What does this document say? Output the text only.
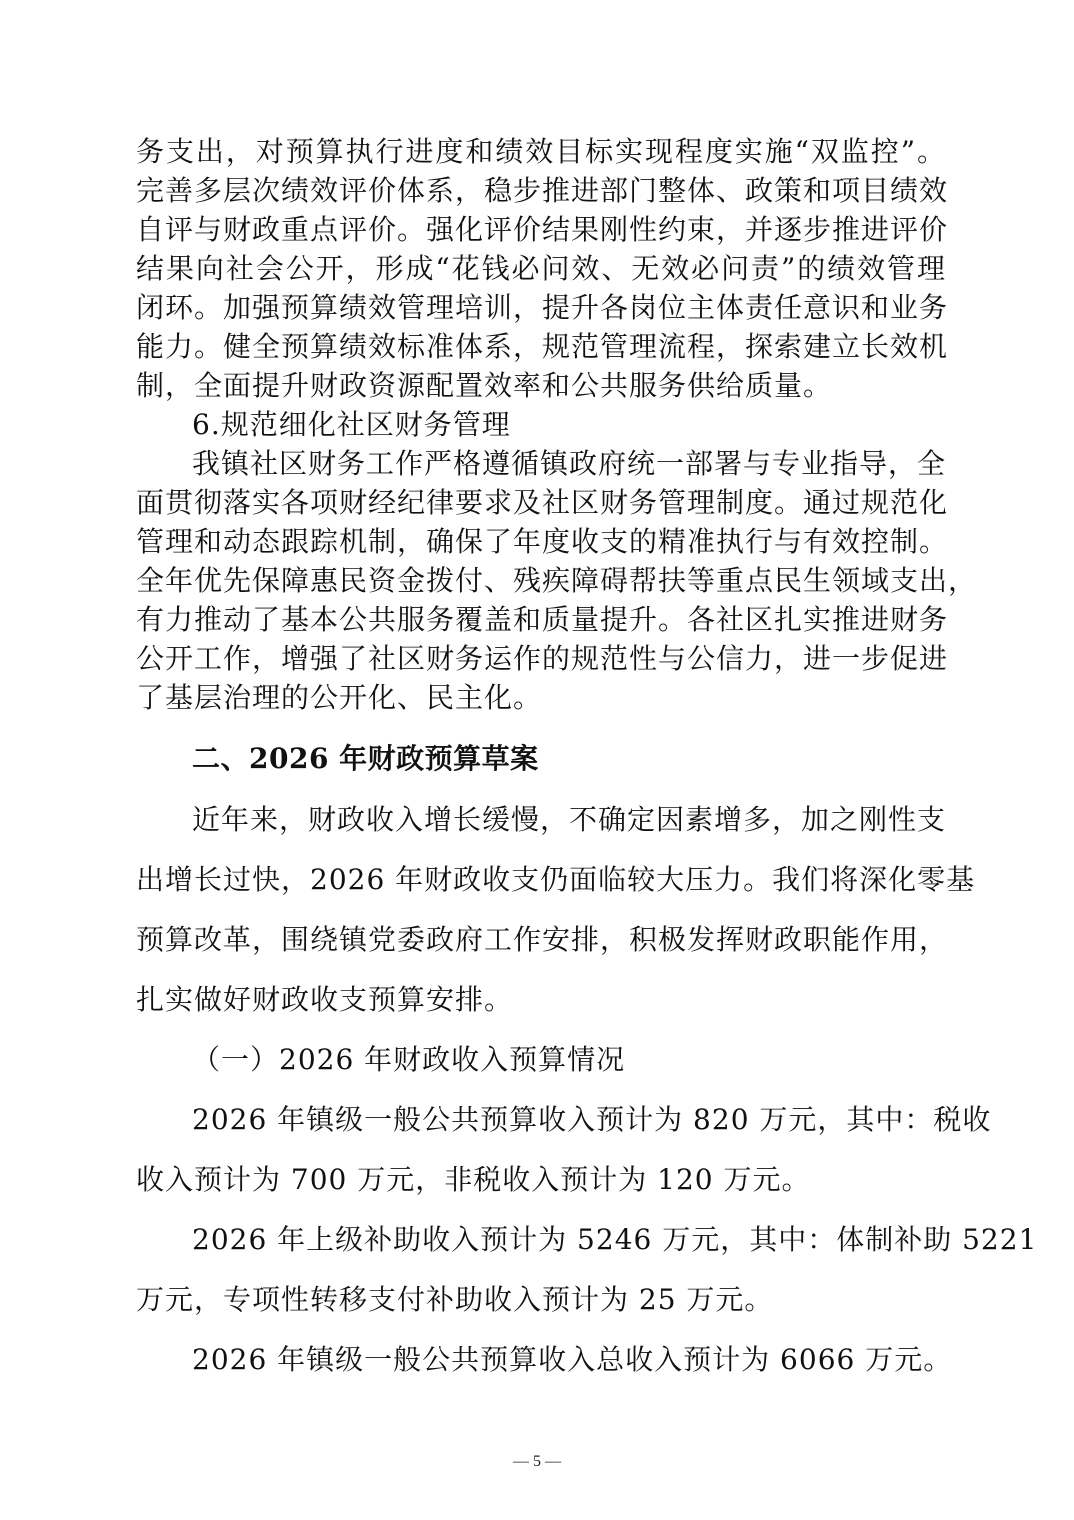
务支出，对预算执行进度和绩效目标实现程度实施“双监控”。
完善多层次绩效评价体系，稳步推进部门整体、政策和项目绩效
自评与财政重点评价。强化评价结果刚性约束，并逐步推进评价
结果向社会公开，形成“花钱必问效、无效必问责”的绩效管理
闭环。加强预算绩效管理培训，提升各岗位主体责任意识和业务
能力。健全预算绩效标准体系，规范管理流程，探索建立长效机
制，全面提升财政资源配置效率和公共服务供给质量。
6.规范细化社区财务管理
我镇社区财务工作严格遵循镇政府统一部署与专业指导，全
面贯彻落实各项财经纪律要求及社区财务管理制度。通过规范化
管理和动态跟踪机制，确保了年度收支的精准执行与有效控制。
全年优先保障惠民资金拨付、残疾障碍帮扶等重点民生领域支出，
有力推动了基本公共服务覆盖和质量提升。各社区扎实推进财务
公开工作，增强了社区财务运作的规范性与公信力，进一步促进
了基层治理的公开化、民主化。
二、2026 年财政预算草案
近年来，财政收入增长缓慢，不确定因素增多，加之刚性支
出增长过快，2026 年财政收支仍面临较大压力。我们将深化零基
预算改革，围绕镇党委政府工作安排，积极发挥财政职能作用，
扎实做好财政收支预算安排。
（一）2026 年财政收入预算情况
2026 年镇级一般公共预算收入预计为 820 万元，其中：税收
收入预计为 700 万元，非税收入预计为 120 万元。
2026 年上级补助收入预计为 5246 万元，其中：体制补助 5221
万元，专项性转移支付补助收入预计为 25 万元。
2026 年镇级一般公共预算收入总收入预计为 6066 万元。
— 5 —
